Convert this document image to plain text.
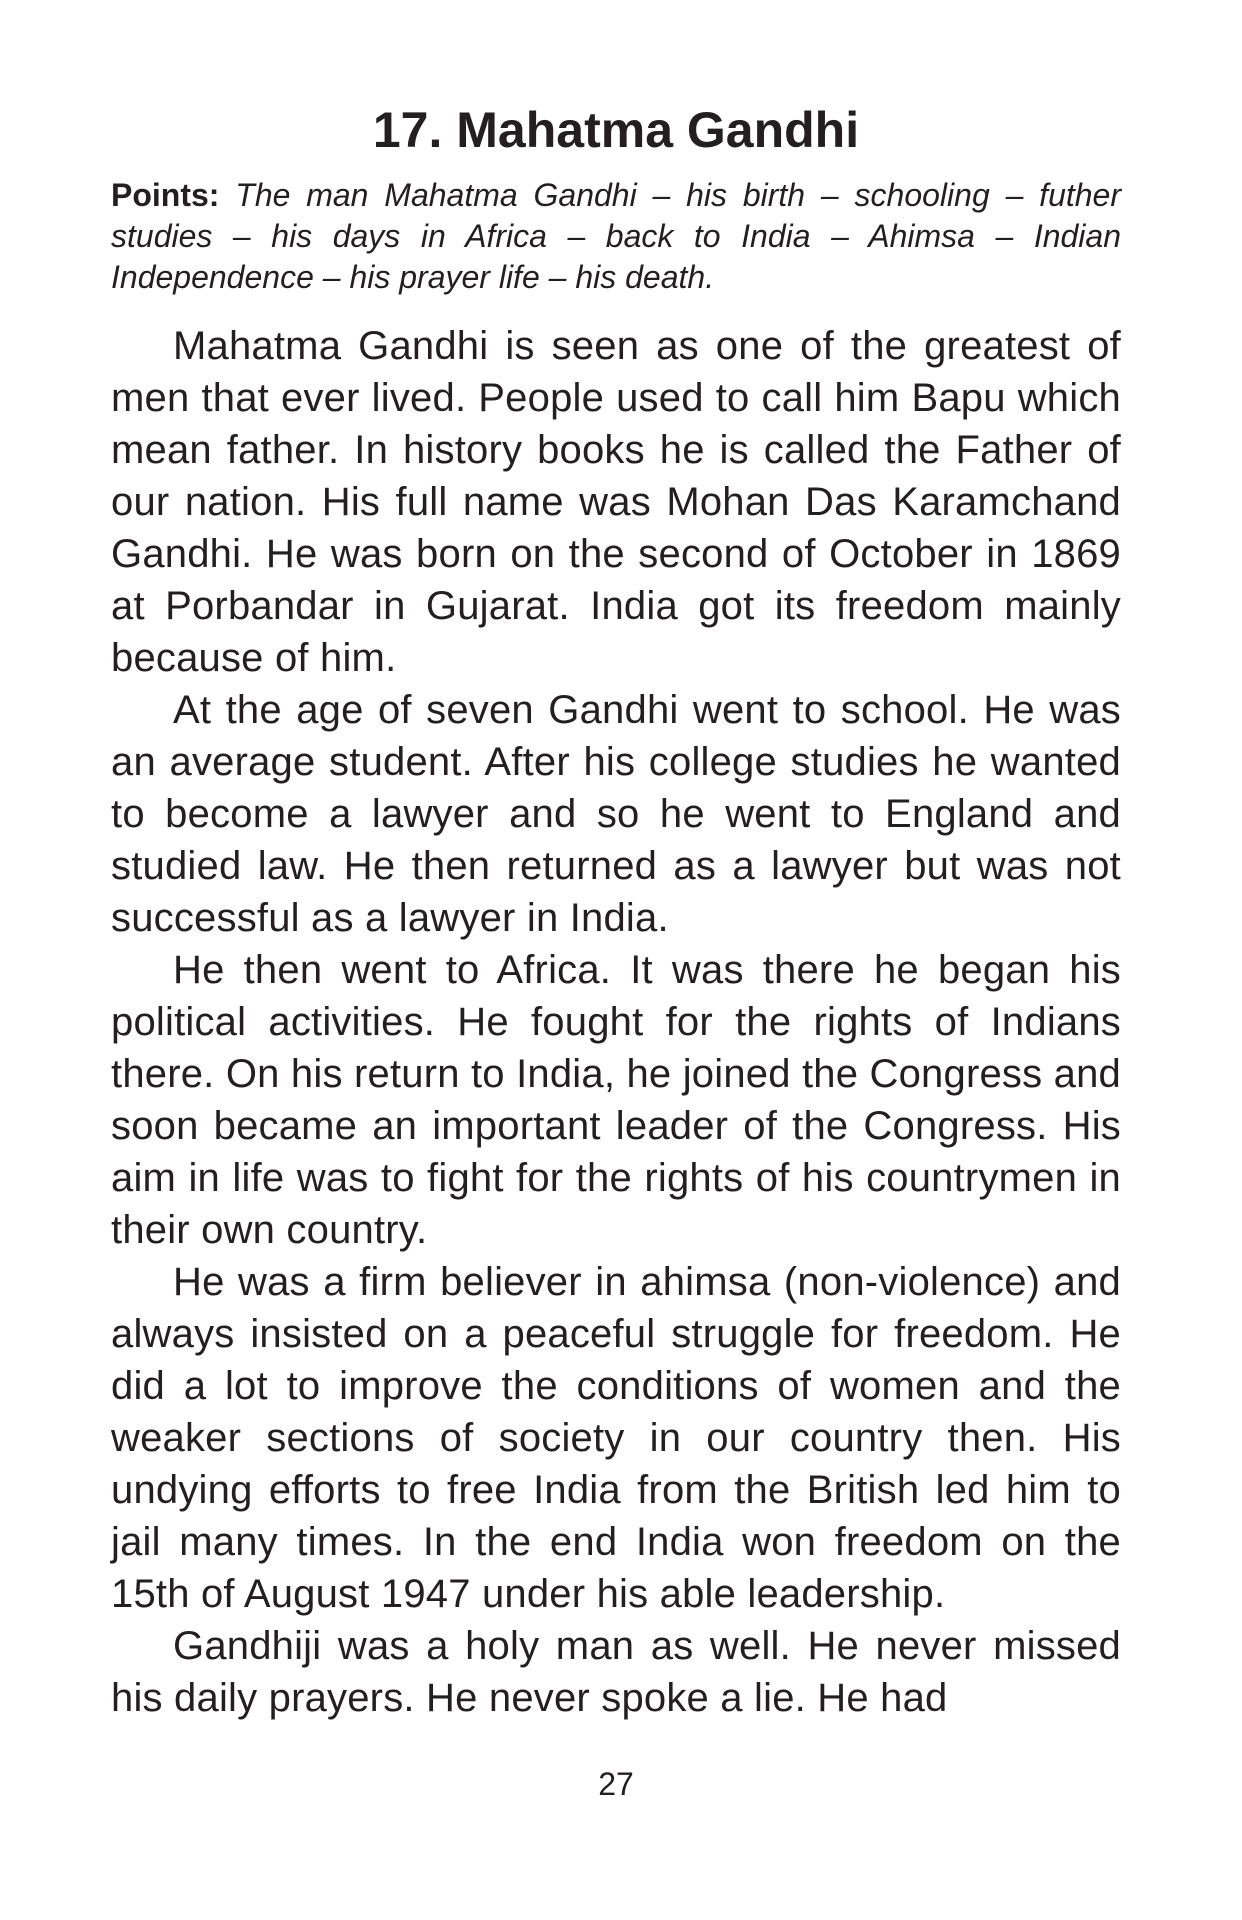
17. Mahatma Gandhi

Points: The man Mahatma Gandhi – his birth – schooling – futher studies – his days in Africa – back to India – Ahimsa – Indian Independence – his prayer life – his death.

Mahatma Gandhi is seen as one of the greatest of men that ever lived. People used to call him Bapu which mean father. In history books he is called the Father of our nation. His full name was Mohan Das Karamchand Gandhi. He was born on the second of October in 1869 at Porbandar in Gujarat. India got its freedom mainly because of him.

At the age of seven Gandhi went to school. He was an average student. After his college studies he wanted to become a lawyer and so he went to England and studied law. He then returned as a lawyer but was not successful as a lawyer in India.

He then went to Africa. It was there he began his political activities. He fought for the rights of Indians there. On his return to India, he joined the Congress and soon became an important leader of the Congress. His aim in life was to fight for the rights of his countrymen in their own country.

He was a firm believer in ahimsa (non-violence) and always insisted on a peaceful struggle for freedom. He did a lot to improve the conditions of women and the weaker sections of society in our country then. His undying efforts to free India from the British led him to jail many times. In the end India won freedom on the 15th of August 1947 under his able leadership.

Gandhiji was a holy man as well. He never missed his daily prayers. He never spoke a lie. He had

27
